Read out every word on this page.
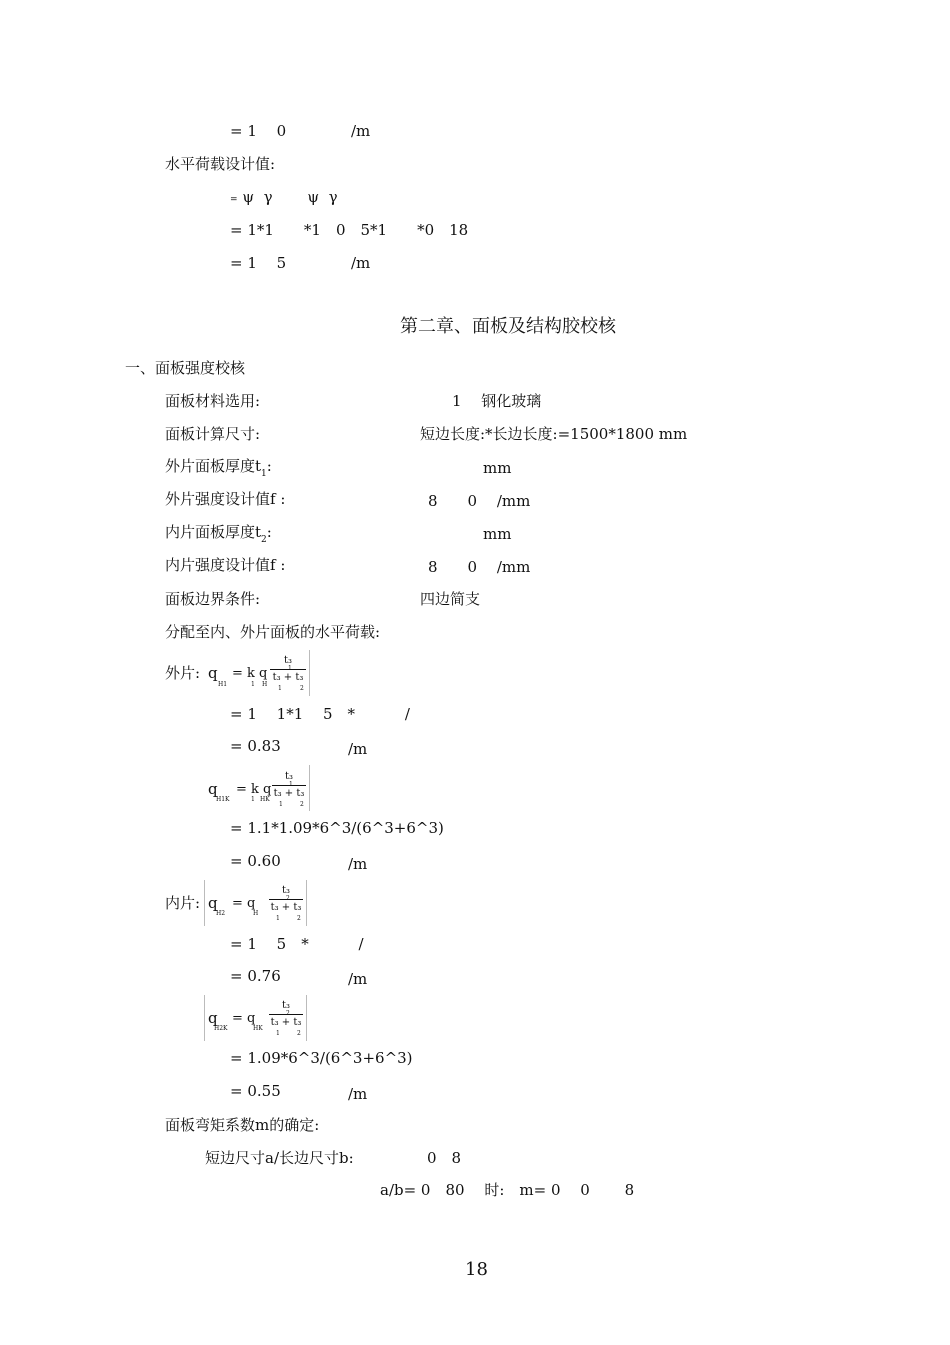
= 1　 0　　　　 /m
水平荷载设计值:
= ψ  γ　　 ψ  γ
= 1*1　　*1　0　5*1　　*0　18
= 1　 5　　　　 /m
第二章、面板及结构胶校核
一、面板强度校核
面板材料选用:	1　 钢化玻璃
面板计算尺寸:	短边长度:*长边长度:=1500*1800 mm
外片面板厚度$t_1$:	mm
外片强度设计值f :	8　　0　 /mm
内片面板厚度$t_2$:	mm
内片强度设计值f :	8　　0　 /mm
面板边界条件:	四边简支
分配至内、外片面板的水平荷载:
外片: q
H1
= k q
1 H
t₃
1
t₃ + t₃
1	2
= 1　 1*1　 5　*　　　 /
= 0.83	/m
q
H1K
= k q
1 HK
t₃
1
t₃ + t₃
1	2
= 1.1*1.09*6^3/(6^3+6^3)
= 0.60	/m
内片: q
H2
= q
H
t₃
2
t₃ + t₃
1	2
= 1　 5　*　　　 /
= 0.76	/m
q
H2K
= q
HK
t₃
2
t₃ + t₃
1	2
= 1.09*6^3/(6^3+6^3)
= 0.55	/m
面板弯矩系数m的确定:
短边尺寸a/长边尺寸b:	0　8
a/b= 0　80　 时:　m= 0　 0　　 8
18
